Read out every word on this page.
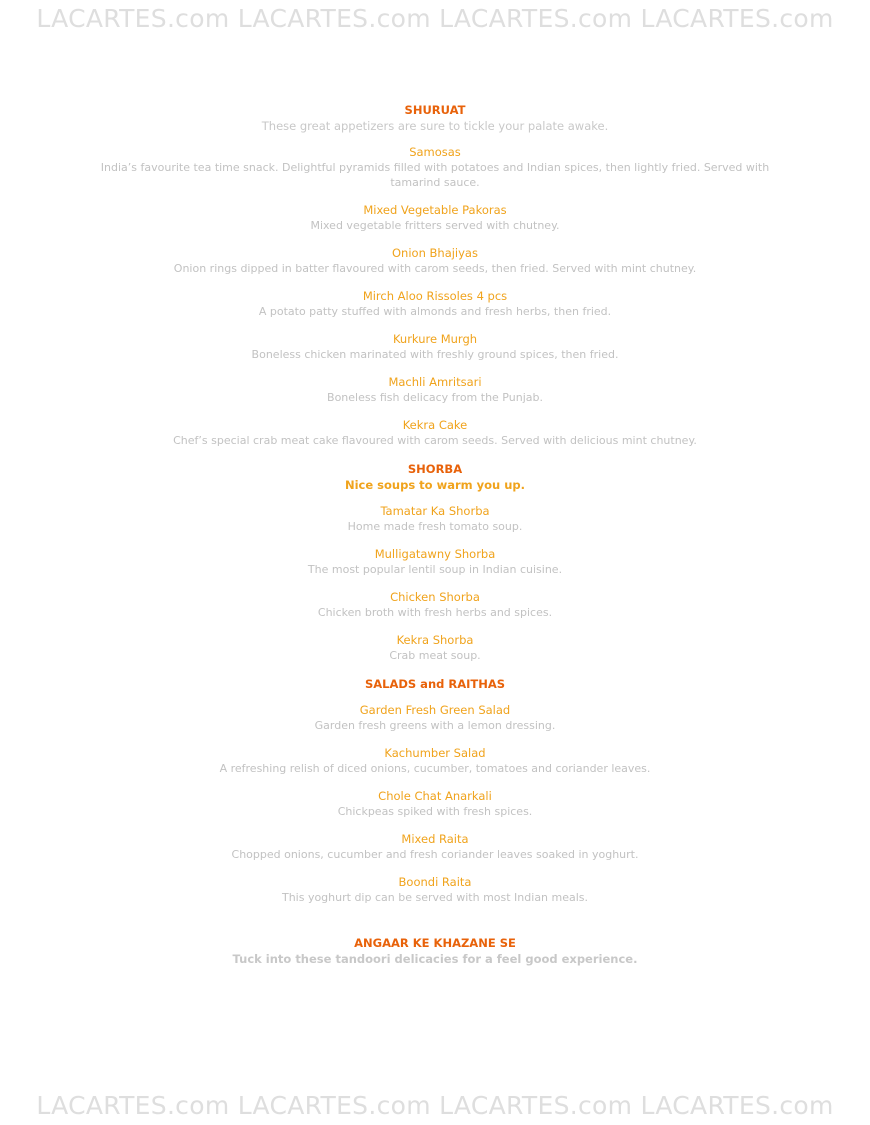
LACARTES.com LACARTES.com LACARTES.com LACARTES.com
SHURUAT
These great appetizers are sure to tickle your palate awake.
Samosas
India’s favourite tea time snack. Delightful pyramids filled with potatoes and Indian spices, then lightly fried. Served with tamarind sauce.
Mixed Vegetable Pakoras
Mixed vegetable fritters served with chutney.
Onion Bhajiyas
Onion rings dipped in batter flavoured with carom seeds, then fried. Served with mint chutney.
Mirch Aloo Rissoles 4 pcs
A potato patty stuffed with almonds and fresh herbs, then fried.
Kurkure Murgh
Boneless chicken marinated with freshly ground spices, then fried.
Machli Amritsari
Boneless fish delicacy from the Punjab.
Kekra Cake
Chef’s special crab meat cake flavoured with carom seeds. Served with delicious mint chutney.
SHORBA
Nice soups to warm you up.
Tamatar Ka Shorba
Home made fresh tomato soup.
Mulligatawny Shorba
The most popular lentil soup in Indian cuisine.
Chicken Shorba
Chicken broth with fresh herbs and spices.
Kekra Shorba
Crab meat soup.
SALADS and RAITHAS
Garden Fresh Green Salad
Garden fresh greens with a lemon dressing.
Kachumber Salad
A refreshing relish of diced onions, cucumber, tomatoes and coriander leaves.
Chole Chat Anarkali
Chickpeas spiked with fresh spices.
Mixed Raita
Chopped onions, cucumber and fresh coriander leaves soaked in yoghurt.
Boondi Raita
This yoghurt dip can be served with most Indian meals.
ANGAAR KE KHAZANE SE
Tuck into these tandoori delicacies for a feel good experience.
LACARTES.com LACARTES.com LACARTES.com LACARTES.com
